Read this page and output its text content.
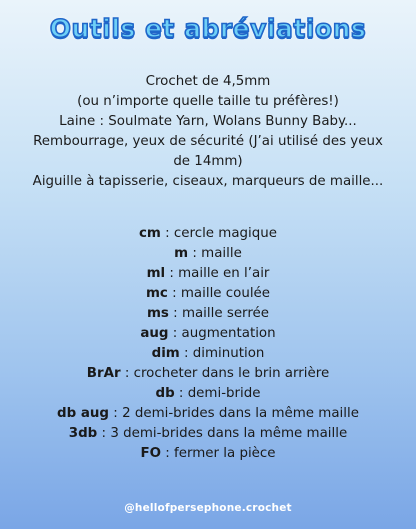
Outils et abréviations
Crochet de 4,5mm
(ou n’importe quelle taille tu préfères!)
Laine : Soulmate Yarn, Wolans Bunny Baby...
Rembourrage, yeux de sécurité (J’ai utilisé des yeux
de 14mm)
Aiguille à tapisserie, ciseaux, marqueurs de maille...
cm : cercle magique
m : maille
ml : maille en l’air
mc : maille coulée
ms : maille serrée
aug : augmentation
dim : diminution
BrAr : crocheter dans le brin arrière
db : demi-bride
db aug : 2 demi-brides dans la même maille
3db : 3 demi-brides dans la même maille
FO : fermer la pièce
@hellofpersephone.crochet
